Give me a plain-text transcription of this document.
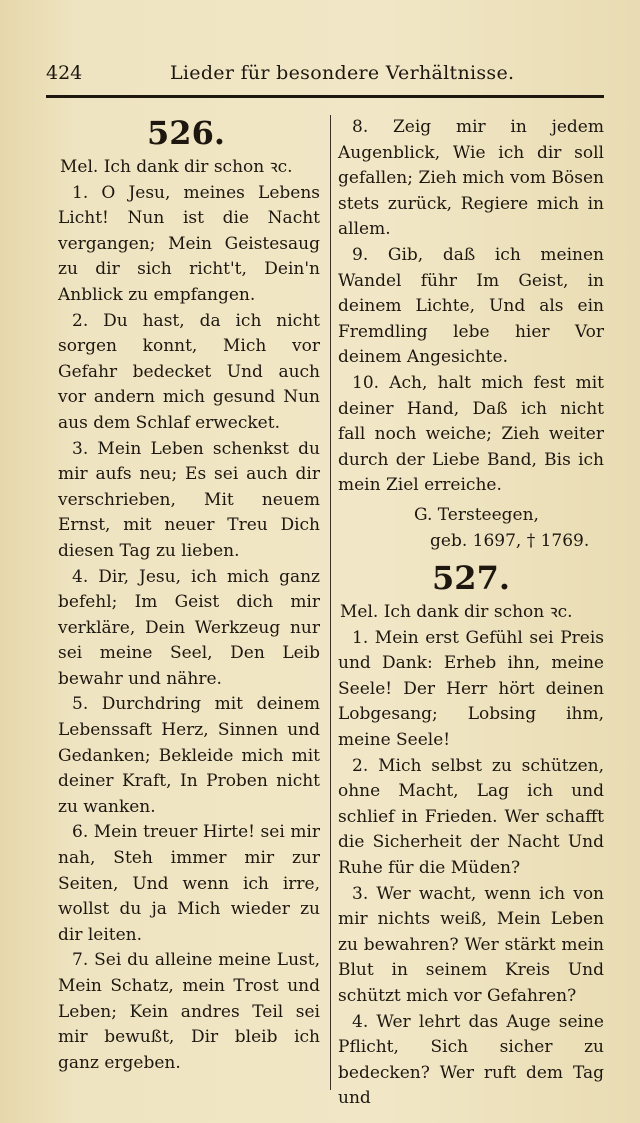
424	Lieder für besondere Verhältnisse.
526.
Mel. Ich dank dir schon ꝛc.

1. O Jesu, meines Lebens Licht! Nun ist die Nacht vergangen; Mein Geistesaug zu dir sich richt't, Dein'n Anblick zu empfangen.

2. Du hast, da ich nicht sorgen konnt, Mich vor Gefahr bedecket Und auch vor andern mich gesund Nun aus dem Schlaf erwecket.

3. Mein Leben schenkst du mir aufs neu; Es sei auch dir verschrieben, Mit neuem Ernst, mit neuer Treu Dich diesen Tag zu lieben.

4. Dir, Jesu, ich mich ganz befehl; Im Geist dich mir verkläre, Dein Werkzeug nur sei meine Seel, Den Leib bewahr und nähre.

5. Durchdring mit deinem Lebenssaft Herz, Sinnen und Gedanken; Bekleide mich mit deiner Kraft, In Proben nicht zu wanken.

6. Mein treuer Hirte! sei mir nah, Steh immer mir zur Seiten, Und wenn ich irre, wollst du ja Mich wieder zu dir leiten.

7. Sei du alleine meine Lust, Mein Schatz, mein Trost und Leben; Kein andres Teil sei mir bewußt, Dir bleib ich ganz ergeben.

8. Zeig mir in jedem Augenblick, Wie ich dir soll gefallen; Zieh mich vom Bösen stets zurück, Regiere mich in allem.

9. Gib, daß ich meinen Wandel führ Im Geist, in deinem Lichte, Und als ein Fremdling lebe hier Vor deinem Angesichte.

10. Ach, halt mich fest mit deiner Hand, Daß ich nicht fall noch weiche; Zieh weiter durch der Liebe Band, Bis ich mein Ziel erreiche.

G. Tersteegen,
geb. 1697, † 1769.
527.
Mel. Ich dank dir schon ꝛc.

1. Mein erst Gefühl sei Preis und Dank: Erheb ihn, meine Seele! Der Herr hört deinen Lobgesang; Lobsing ihm, meine Seele!

2. Mich selbst zu schützen, ohne Macht, Lag ich und schlief in Frieden. Wer schafft die Sicherheit der Nacht Und Ruhe für die Müden?

3. Wer wacht, wenn ich von mir nichts weiß, Mein Leben zu bewahren? Wer stärkt mein Blut in seinem Kreis Und schützt mich vor Gefahren?

4. Wer lehrt das Auge seine Pflicht, Sich sicher zu bedecken? Wer ruft dem Tag und
